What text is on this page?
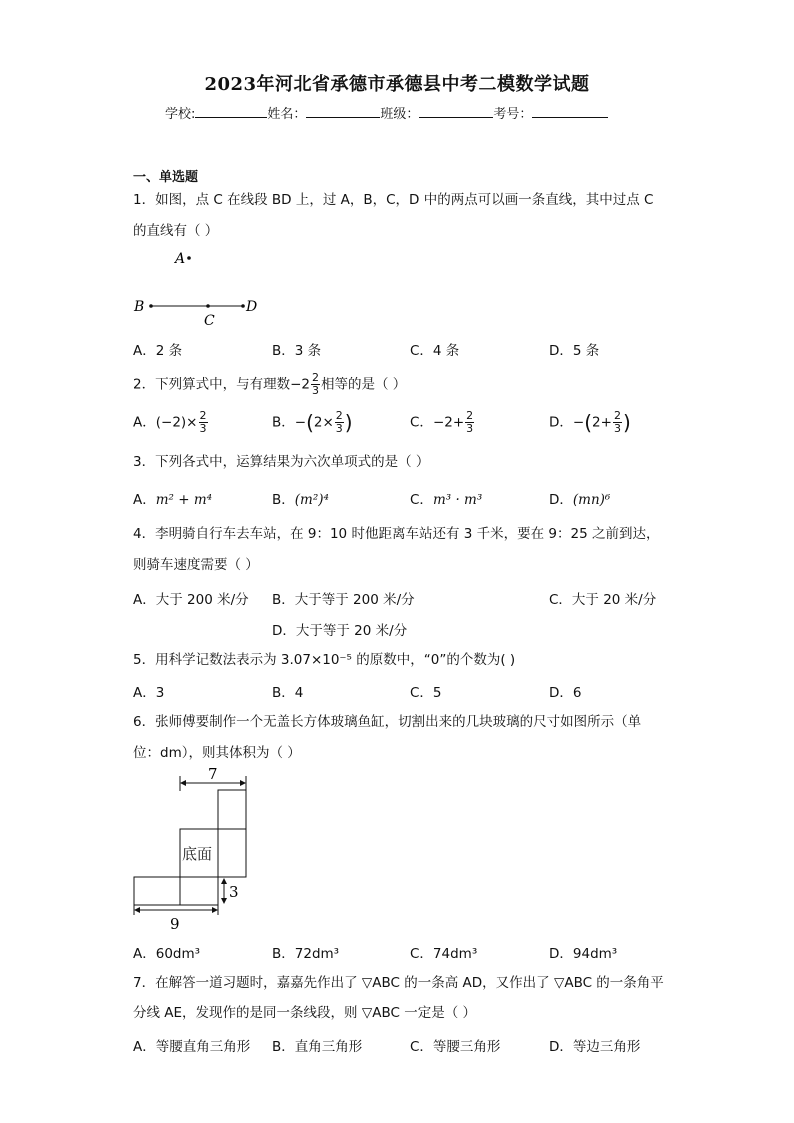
2023年河北省承德市承德县中考二模数学试题
学校:	姓名：	班级：	考号：
一、单选题
1．如图，点 C 在线段 BD 上，过 A，B，C，D 中的两点可以画一条直线，其中过点 C
的直线有（ ）
A
B
C
D
A．2 条	B．3 条	C．4 条	D．5 条
2．下列算式中，与有理数$-2 \frac{2}{3}$ 相等的是（ ）
A．$(-2)\times \frac{2}{3}$	B．$-(2\times \frac{2}{3}$ )	C．$-2+ \frac{2}{3}$	D．$-(2+ \frac{2}{3}$ )
3．下列各式中，运算结果为六次单项式的是（ ）
A．m² + m⁴	B．(m²)⁴	C．m³ · m³	D．(mn)⁶
4．李明骑自行车去车站，在 9：10 时他距离车站还有 3 千米，要在 9：25 之前到达，
则骑车速度需要（ ）
A．大于 200 米/分 B．大于等于 200 米/分	C．大于 20 米/分
D．大于等于 20 米/分
5．用科学记数法表示为 3.07×10⁻⁵ 的原数中，“0”的个数为( )
A．3	B．4	C．5	D．6
6．张师傅要制作一个无盖长方体玻璃鱼缸，切割出来的几块玻璃的尺寸如图所示（单
位：dm），则其体积为（ ）
7
底面
3
9
A．60dm³	B．72dm³	C．74dm³	D．94dm³
7．在解答一道习题时，嘉嘉先作出了 ▽ABC 的一条高 AD，又作出了 ▽ABC 的一条角平
分线 AE，发现作的是同一条线段，则 ▽ABC 一定是（ ）
A．等腰直角三角形 B．直角三角形	C．等腰三角形	D．等边三角形
